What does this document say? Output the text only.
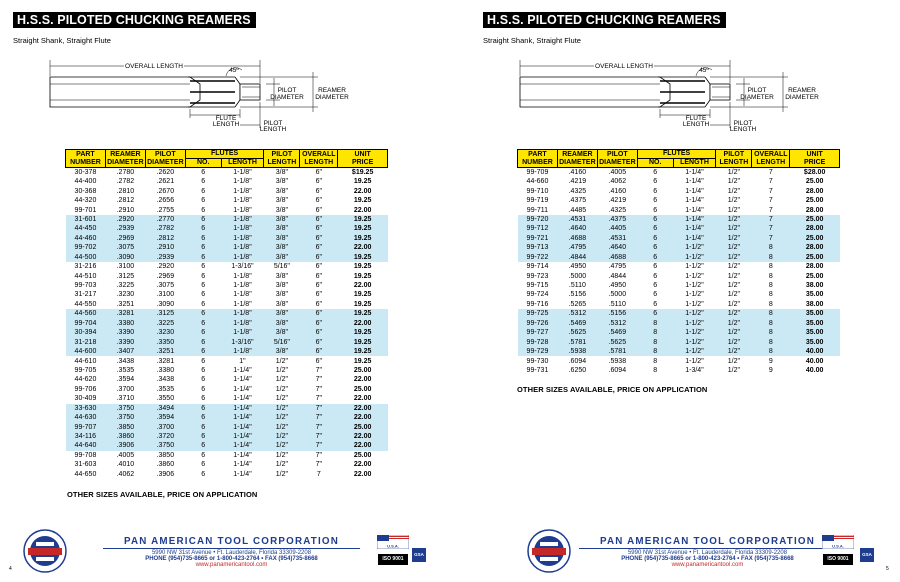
H.S.S. PILOTED CHUCKING REAMERS
Straight Shank, Straight Flute
OVERALL LENGTH
45º
PILOT
DIAMETER
REAMER
DIAMETER
FLUTE
LENGTH	PILOT
LENGTH
PART
NUMBER	REAMER
DIAMETER	PILOT
DIAMETER	FLUTES		PILOT
LENGTH	OVERALL
LENGTH	UNIT
PRICE
			NO.	LENGTH			
30-378	.2780	.2620	6	1-1/8"	3/8"	6"	$19.25
44-400	.2782	.2621	6	1-1/8"	3/8"	6"	19.25
30-368	.2810	.2670	6	1-1/8"	3/8"	6"	22.00
44-320	.2812	.2656	6	1-1/8"	3/8"	6"	19.25
99-701	.2910	.2755	6	1-1/8"	3/8"	6"	22.00
31-601	.2920	.2770	6	1-1/8"	3/8"	6"	19.25
44-450	.2939	.2782	6	1-1/8"	3/8"	6"	19.25
44-460	.2969	.2812	6	1-1/8"	3/8"	6"	19.25
99-702	.3075	.2910	6	1-1/8"	3/8"	6"	22.00
44-500	.3090	.2939	6	1-1/8"	3/8"	6"	19.25
31-216	.3100	.2920	6	1-3/16"	5/16"	6"	19.25
44-510	.3125	.2969	6	1-1/8"	3/8"	6"	19.25
99-703	.3225	.3075	6	1-1/8"	3/8"	6"	22.00
31-217	.3230	.3100	6	1-1/8"	3/8"	6"	19.25
44-550	.3251	.3090	6	1-1/8"	3/8"	6"	19.25
44-560	.3281	.3125	6	1-1/8"	3/8"	6"	19.25
99-704	.3380	.3225	6	1-1/8"	3/8"	6"	22.00
30-394	.3390	.3230	6	1-1/8"	3/8"	6"	19.25
31-218	.3390	.3350	6	1-3/16"	5/16"	6"	19.25
44-600	.3407	.3251	6	1-1/8"	3/8"	6"	19.25
44-610	.3438	.3281	6	1"	1/2"	6"	19.25
99-705	.3535	.3380	6	1-1/4"	1/2"	7"	25.00
44-620	.3594	.3438	6	1-1/4"	1/2"	7"	22.00
99-706	.3700	.3535	6	1-1/4"	1/2"	7"	25.00
30-409	.3710	.3550	6	1-1/4"	1/2"	7"	22.00
33-630	.3750	.3494	6	1-1/4"	1/2"	7"	22.00
44-630	.3750	.3594	6	1-1/4"	1/2"	7"	22.00
99-707	.3850	.3700	6	1-1/4"	1/2"	7"	25.00
34-116	.3860	.3720	6	1-1/4"	1/2"	7"	22.00
44-640	.3906	.3750	6	1-1/4"	1/2"	7"	22.00
99-708	.4005	.3850	6	1-1/4"	1/2"	7"	25.00
31-603	.4010	.3860	6	1-1/4"	1/2"	7"	22.00
44-650	.4062	.3906	6	1-1/4"	1/2"	7	22.00
OTHER SIZES AVAILABLE, PRICE ON APPLICATION
PAN AMERICAN TOOL CORPORATION
5990 NW 31st Avenue • Ft. Lauderdale, Florida 33309-2208
PHONE (954)735-8665 or 1-800-423-2764 • FAX (954)735-8668
www.panamericantool.com
U.S.A.
ISO 9001
GSA
4
H.S.S. PILOTED CHUCKING REAMERS
Straight Shank, Straight Flute
OVERALL LENGTH
45º
PILOT
DIAMETER
REAMER
DIAMETER
FLUTE
LENGTH	PILOT
LENGTH
PART
NUMBER	REAMER
DIAMETER	PILOT
DIAMETER	FLUTES		PILOT
LENGTH	OVERALL
LENGTH	UNIT
PRICE
			NO.	LENGTH			
99-709	.4160	.4005	6	1-1/4"	1/2"	7	$28.00
44-660	.4219	.4062	6	1-1/4"	1/2"	7	25.00
99-710	.4325	.4160	6	1-1/4"	1/2"	7	28.00
99-719	.4375	.4219	6	1-1/4"	1/2"	7	25.00
99-711	.4485	.4325	6	1-1/4"	1/2"	7	28.00
99-720	.4531	.4375	6	1-1/4"	1/2"	7	25.00
99-712	.4640	.4405	6	1-1/4"	1/2"	7	28.00
99-721	.4688	.4531	6	1-1/4"	1/2"	7	25.00
99-713	.4795	.4640	6	1-1/2"	1/2"	8	28.00
99-722	.4844	.4688	6	1-1/2"	1/2"	8	25.00
99-714	.4950	.4795	6	1-1/2"	1/2"	8	28.00
99-723	.5000	.4844	6	1-1/2"	1/2"	8	25.00
99-715	.5110	.4950	6	1-1/2"	1/2"	8	38.00
99-724	.5156	.5000	6	1-1/2"	1/2"	8	35.00
99-716	.5265	.5110	6	1-1/2"	1/2"	8	38.00
99-725	.5312	.5156	6	1-1/2"	1/2"	8	35.00
99-726	.5469	.5312	8	1-1/2"	1/2"	8	35.00
99-727	.5625	.5469	8	1-1/2"	1/2"	8	35.00
99-728	.5781	.5625	8	1-1/2"	1/2"	8	35.00
99-729	.5938	.5781	8	1-1/2"	1/2"	8	40.00
99-730	.6094	.5938	8	1-1/2"	1/2"	9	40.00
99-731	.6250	.6094	8	1-3/4"	1/2"	9	40.00
OTHER SIZES AVAILABLE, PRICE ON APPLICATION
PAN AMERICAN TOOL CORPORATION
5990 NW 31st Avenue • Ft. Lauderdale, Florida 33309-2208
PHONE (954)735-8665 or 1-800-423-2764 • FAX (954)735-8668
www.panamericantool.com
U.S.A.
ISO 9001
GSA
5
